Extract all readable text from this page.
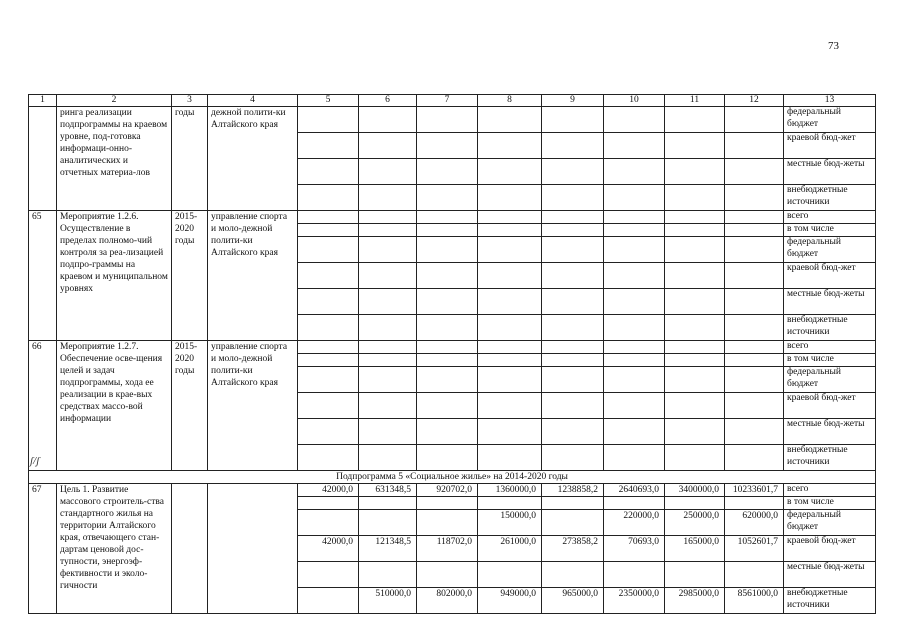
73
ʃ/ʃ
1	2	3	4	5	6	7	8	9	10	11	12	13
	ринга реализации подпрограммы на краевом уровне, под-готовка информаци-онно-аналитических и отчетных материа-лов	годы	дежной полити-ки Алтайского края									федеральный бюджет
												краевой бюд-жет
												местные бюд-жеты
												внебюджетные источники
65	Мероприятие 1.2.6. Осуществление в пределах полномо-чий контроля за реа-лизацией подпро-граммы на краевом и муниципальном уровнях	2015-2020 годы	управление спорта и моло-дежной полити-ки Алтайского края									всего
												в том числе
												федеральный бюджет
												краевой бюд-жет
												местные бюд-жеты
												внебюджетные источники
66	Мероприятие 1.2.7. Обеспечение осве-щения целей и задач подпрограммы, хода ее реализации в крае-вых средствах массо-вой информации	2015-2020 годы	управление спорта и моло-дежной полити-ки Алтайского края									всего
												в том числе
												федеральный бюджет
												краевой бюд-жет
												местные бюд-жеты
												внебюджетные источники
Подпрограмма 5 «Социальное жилье» на 2014-2020 годы												
67	Цель 1. Развитие массового строитель-ства стандартного жилья на территории Алтайского края, отвечающего стан-дартам ценовой дос-тупности, энергоэф-фективности и эколо-гичности			42000,0	631348,5	920702,0	1360000,0	1238858,2	2640693,0	3400000,0	10233601,7	всего
												в том числе
							150000,0		220000,0	250000,0	620000,0	федеральный бюджет
				42000,0	121348,5	118702,0	261000,0	273858,2	70693,0	165000,0	1052601,7	краевой бюд-жет
												местные бюд-жеты
					510000,0	802000,0	949000,0	965000,0	2350000,0	2985000,0	8561000,0	внебюджетные источники
